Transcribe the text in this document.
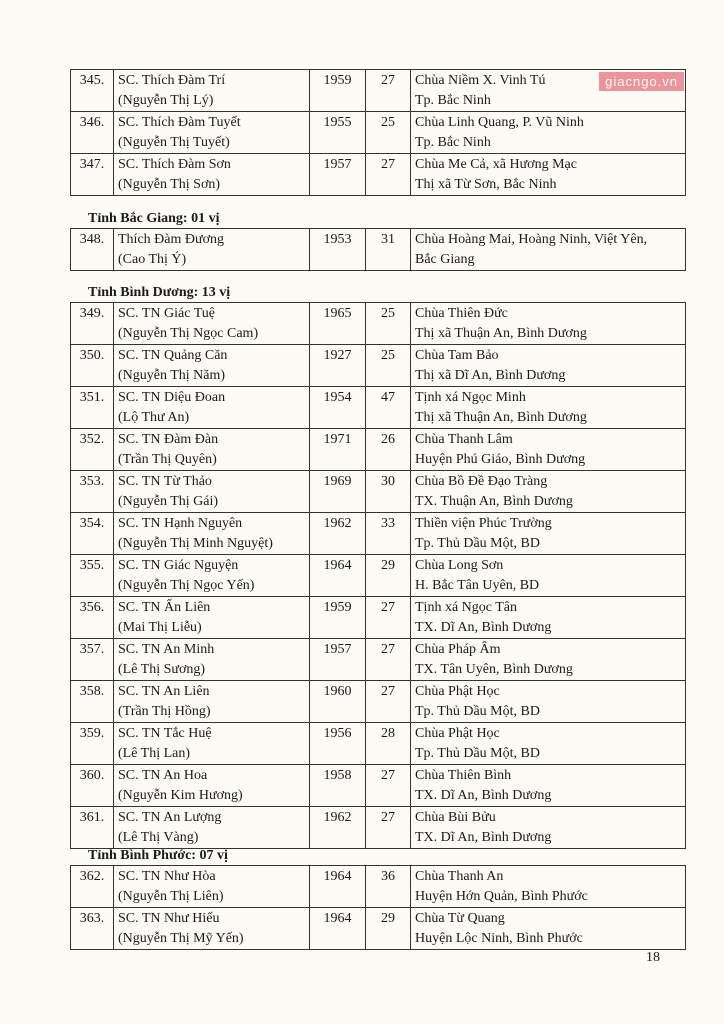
giacngo.vn
345.	SC. Thích Đàm Trí
(Nguyễn Thị Lý)	1959	27	Chùa Niềm X. Vinh Tú
Tp. Bắc Ninh

346.	SC. Thích Đàm Tuyết
(Nguyễn Thị Tuyết)	1955	25	Chùa Linh Quang, P. Vũ Ninh
Tp. Bắc Ninh

347.	SC. Thích Đàm Sơn
(Nguyễn Thị Sơn)	1957	27	Chùa Me Cả, xã Hương Mạc
Thị xã Từ Sơn, Bắc Ninh
Tỉnh Bắc Giang: 01 vị
348.	Thích Đàm Đương
(Cao Thị Ý)
	1953	31	Chùa Hoàng Mai, Hoàng Ninh, Việt Yên,
Bắc Giang
Tỉnh Bình Dương: 13 vị
349.	SC. TN Giác Tuệ
(Nguyễn Thị Ngọc Cam)	1965	25	Chùa Thiên Đức
Thị xã Thuận An, Bình Dương

350.	SC. TN Quảng Căn
(Nguyễn Thị Năm)	1927	25	Chùa Tam Bảo
Thị xã Dĩ An, Bình Dương

351.	SC. TN Diệu Đoan
(Lộ Thư An)	1954	47	Tịnh xá Ngọc Minh
Thị xã Thuận An, Bình Dương

352.	SC. TN Đàm Đàn
(Trần Thị Quyên)	1971	26	Chùa Thanh Lâm
Huyện Phú Giáo, Bình Dương

353.	SC. TN Từ Thảo
(Nguyễn Thị Gái)	1969	30	Chùa Bồ Đề Đạo Tràng
TX. Thuận An, Bình Dương

354.	SC. TN Hạnh Nguyên
(Nguyễn Thị Minh Nguyệt)	1962	33	Thiền viện Phúc Trường
Tp. Thủ Dầu Một, BD

355.	SC. TN Giác Nguyện
(Nguyễn Thị Ngọc Yến)	1964	29	Chùa Long Sơn
H. Bắc Tân Uyên, BD

356.	SC. TN Ấn Liên
(Mai Thị Liễu)	1959	27	Tịnh xá Ngọc Tân
TX. Dĩ An, Bình Dương

357.	SC. TN An Minh
(Lê Thị Sương)	1957	27	Chùa Pháp Âm
TX. Tân Uyên, Bình Dương

358.	SC. TN An Liên
(Trần Thị Hồng)	1960	27	Chùa Phật Học
Tp. Thủ Dầu Một, BD

359.	SC. TN Tắc Huệ
(Lê Thị Lan)	1956	28	Chùa Phật Học
Tp. Thủ Dầu Một, BD

360.	SC. TN An Hoa
(Nguyễn Kim Hương)	1958	27	Chùa Thiên Bình
TX. Dĩ An, Bình Dương

361.	SC. TN An Lượng
(Lê Thị Vàng)	1962	27	Chùa Bùi Bửu
TX. Dĩ An, Bình Dương
Tỉnh Bình Phước: 07 vị
362.	SC. TN Như Hòa
(Nguyễn Thị Liên)	1964	36	Chùa Thanh An
Huyện Hớn Quản, Bình Phước

363.	SC. TN Như Hiếu
(Nguyễn Thị Mỹ Yến)	1964	29	Chùa Từ Quang
Huyện Lộc Ninh, Bình Phước
18
